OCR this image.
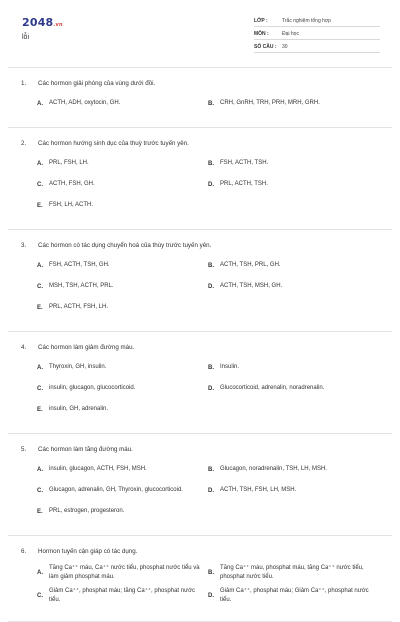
2048.vn
lỗi
LỚP :	Trắc nghiệm tổng hợp
MÔN :	Đại học
SỐ CÂU :	30
1.	Các hormon giải phóng của vùng dưới đồi.
A.	ACTH, ADH, oxytocin, GH.	B.	CRH, GnRH, TRH, PRH, MRH, GRH.
2.	Các hormon hướng sinh dục của thuỳ trước tuyến yên.
A.	PRL, FSH, LH.	B.	FSH, ACTH, TSH.
C.	ACTH, FSH, GH.	D.	PRL, ACTH, TSH.
E.	FSH, LH, ACTH.
3.	Các hormon có tác dụng chuyển hoá của thùy trước tuyến yên.
A.	FSH, ACTH, TSH, GH.	B.	ACTH, TSH, PRL, GH.
C.	MSH, TSH, ACTH, PRL.	D.	ACTH, TSH, MSH, GH.
E.	PRL, ACTH, FSH, LH.
4.	Các hormon làm giảm đường máu.
A.	Thyroxin, GH, insulin.	B.	Insulin.
C.	insulin, glucagon, glucocorticoid.	D.	Glucocorticoid, adrenalin, noradrenalin.
E.	insulin, GH, adrenalin.
5.	Các hormon làm tăng đường máu.
A.	insulin, glucagon, ACTH, FSH, MSH.	B.	Glucagon, noradrenalin, TSH, LH, MSH.
C.	Glucagon, adrenalin, GH, Thyroxin, glucocorticoid.	D.	ACTH, TSH, FSH, LH, MSH.
E.	PRL, estrogen, progesteron.
6.	Hormon tuyến cận giáp có tác dụng.
A.
Tăng Ca⁺⁺ máu, Ca⁺⁺ nước tiểu, phosphat nước tiểu và làm giảm phosphat máu.
B.
Tăng Ca⁺⁺ máu, phosphat máu, tăng Ca⁺⁺ nước tiểu, phosphat nước tiểu.
C.
Giảm Ca⁺⁺, phosphat máu; tăng Ca⁺⁺, phosphat nước tiểu.
D.
Giảm Ca⁺⁺, phosphat máu; Giảm Ca⁺⁺, phosphat nước tiểu.
